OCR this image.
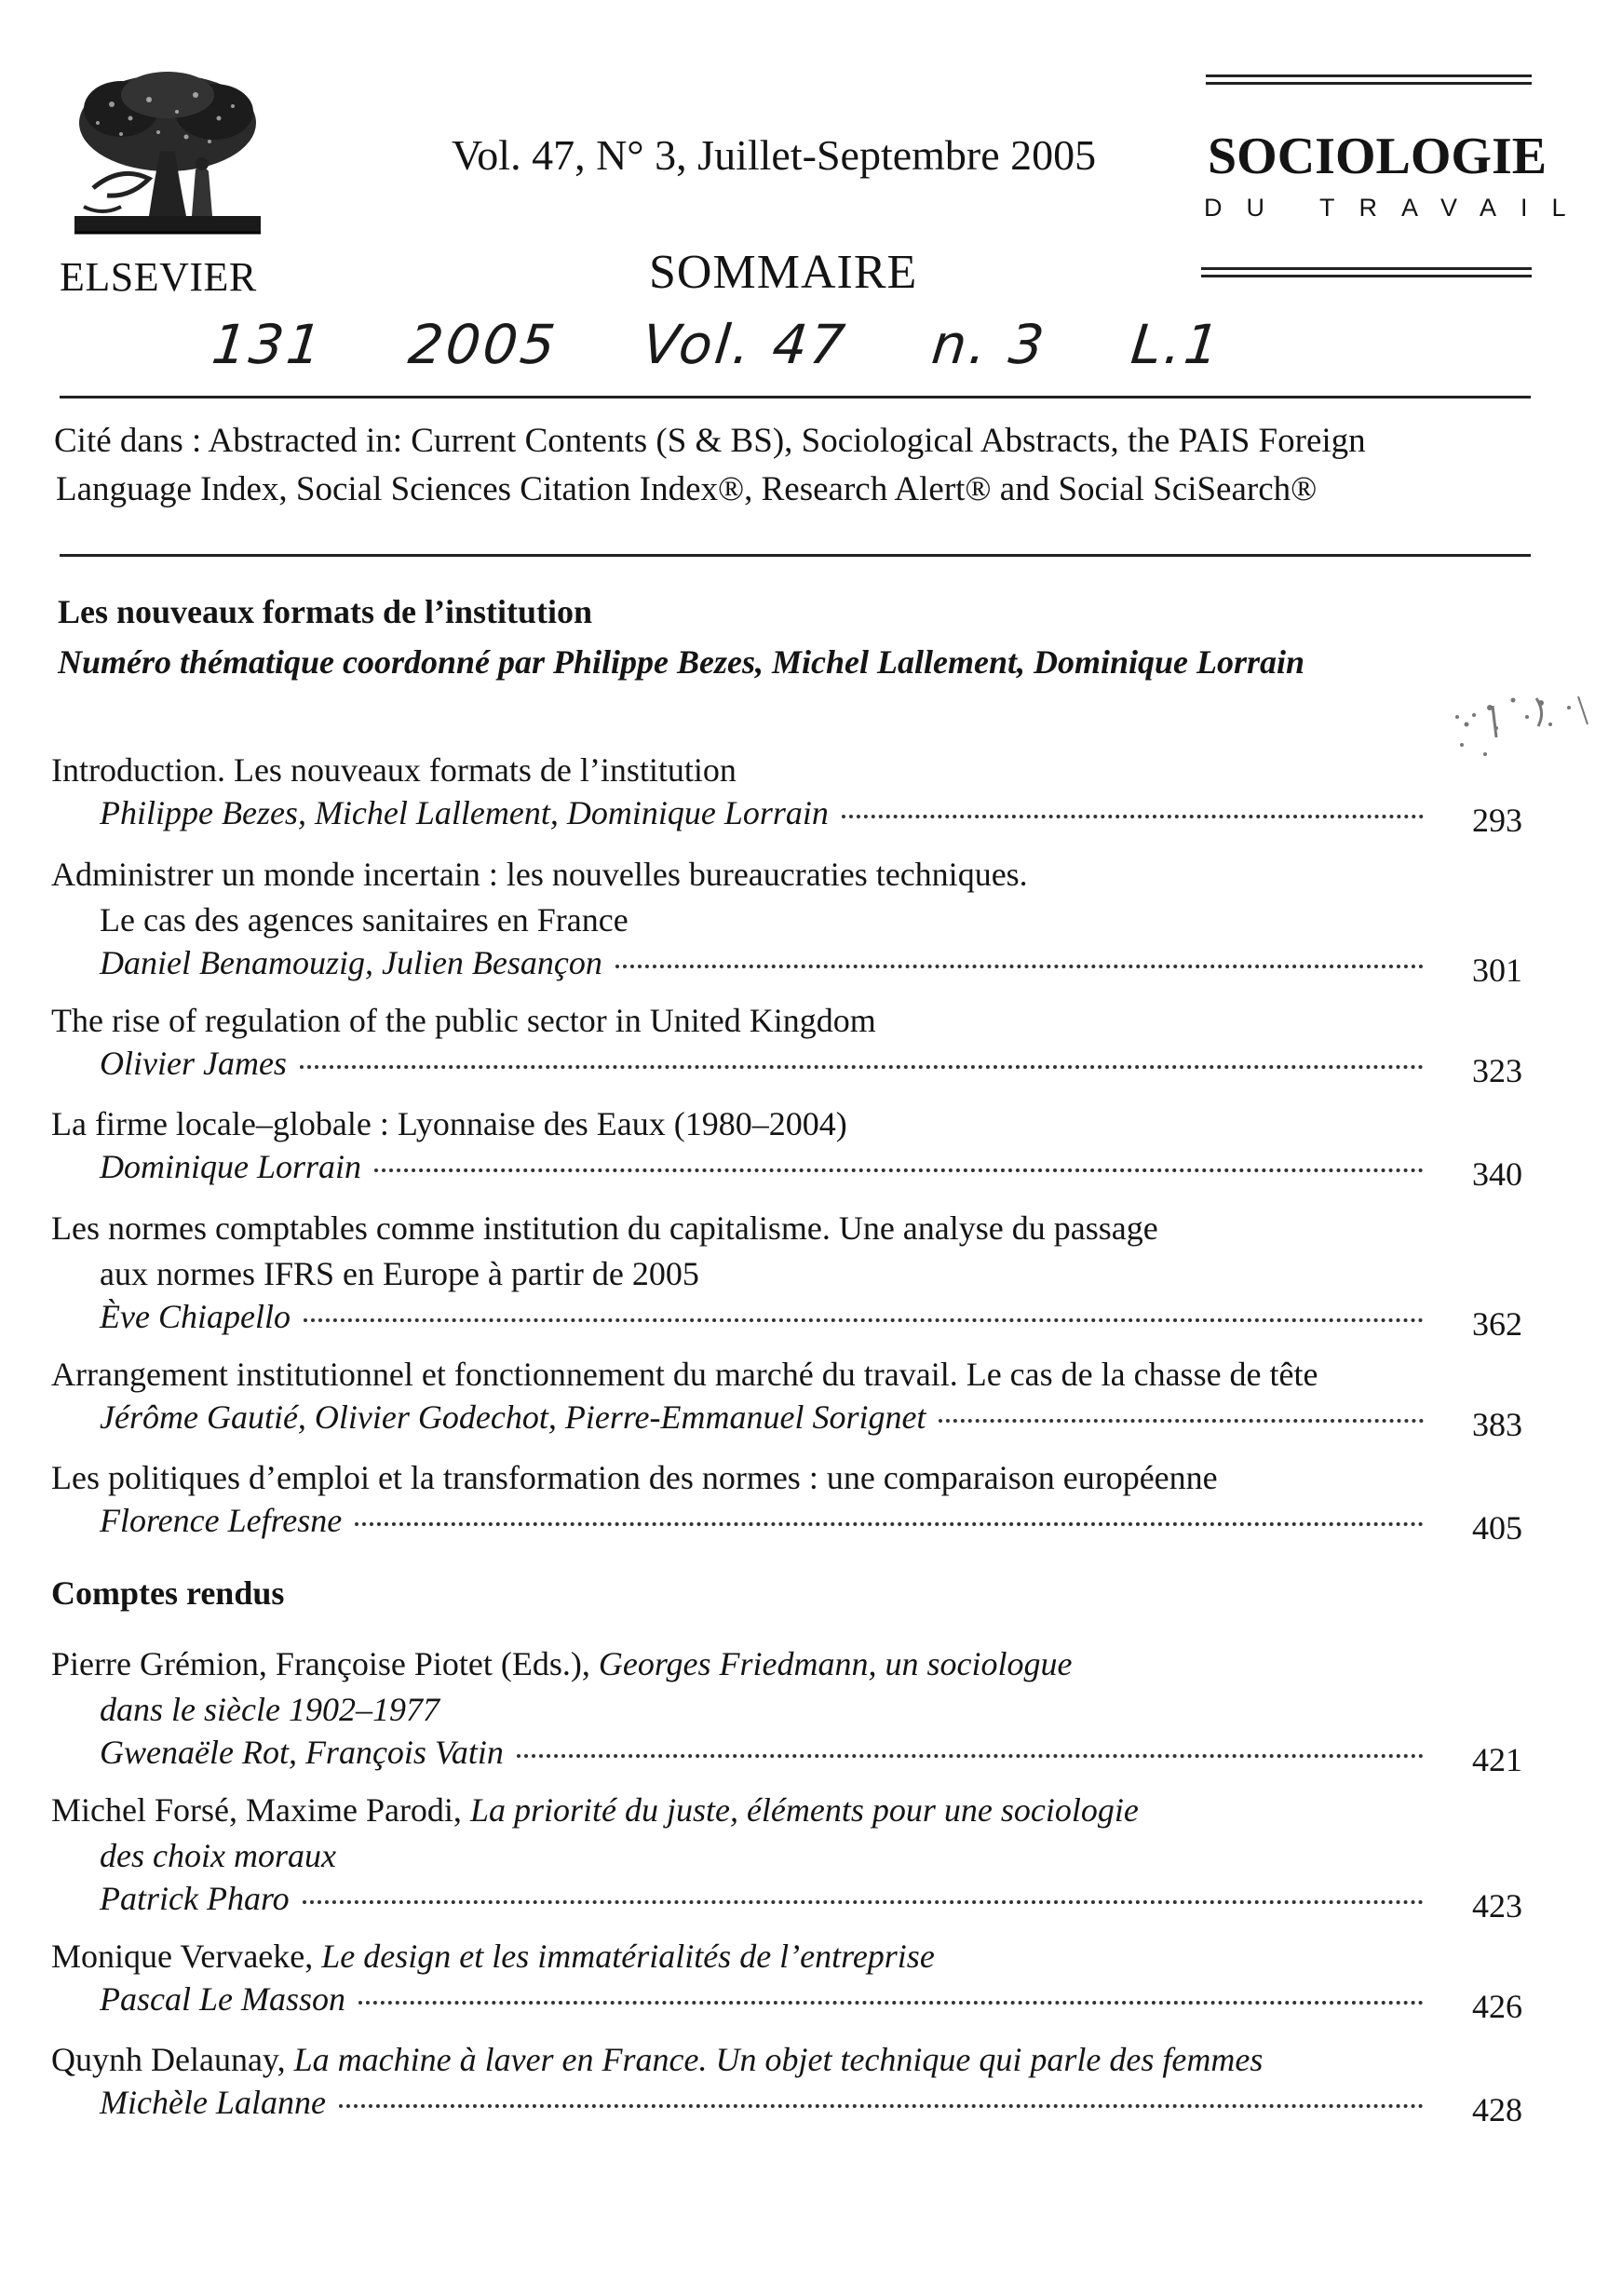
ELSEVIER
Vol. 47, N° 3, Juillet-Septembre 2005
SOMMAIRE
SOCIOLOGIE
DU TRAVAIL
131 2005 Vol. 47 n. 3 L.1

Cité dans : Abstracted in: Current Contents (S & BS), Sociological Abstracts, the PAIS Foreign

Language Index, Social Sciences Citation Index®, Research Alert® and Social SciSearch®

Les nouveaux formats de l’institution
Numéro thématique coordonné par Philippe Bezes, Michel Lallement, Dominique Lorrain
Introduction. Les nouveaux formats de l’institution
Philippe Bezes, Michel Lallement, Dominique Lorrain	293
Administrer un monde incertain : les nouvelles bureaucraties techniques.
Le cas des agences sanitaires en France
Daniel Benamouzig, Julien Besançon	301
The rise of regulation of the public sector in United Kingdom
Olivier James	323
La firme locale–globale : Lyonnaise des Eaux (1980–2004)
Dominique Lorrain	340
Les normes comptables comme institution du capitalisme. Une analyse du passage
aux normes IFRS en Europe à partir de 2005
Ève Chiapello	362
Arrangement institutionnel et fonctionnement du marché du travail. Le cas de la chasse de tête
Jérôme Gautié, Olivier Godechot, Pierre-Emmanuel Sorignet	383
Les politiques d’emploi et la transformation des normes : une comparaison européenne
Florence Lefresne	405
Comptes rendus
Pierre Grémion, Françoise Piotet (Eds.), Georges Friedmann, un sociologue
dans le siècle 1902–1977
Gwenaële Rot, François Vatin	421
Michel Forsé, Maxime Parodi, La priorité du juste, éléments pour une sociologie
des choix moraux
Patrick Pharo	423
Monique Vervaeke, Le design et les immatérialités de l’entreprise
Pascal Le Masson	426
Quynh Delaunay, La machine à laver en France. Un objet technique qui parle des femmes
Michèle Lalanne	428
